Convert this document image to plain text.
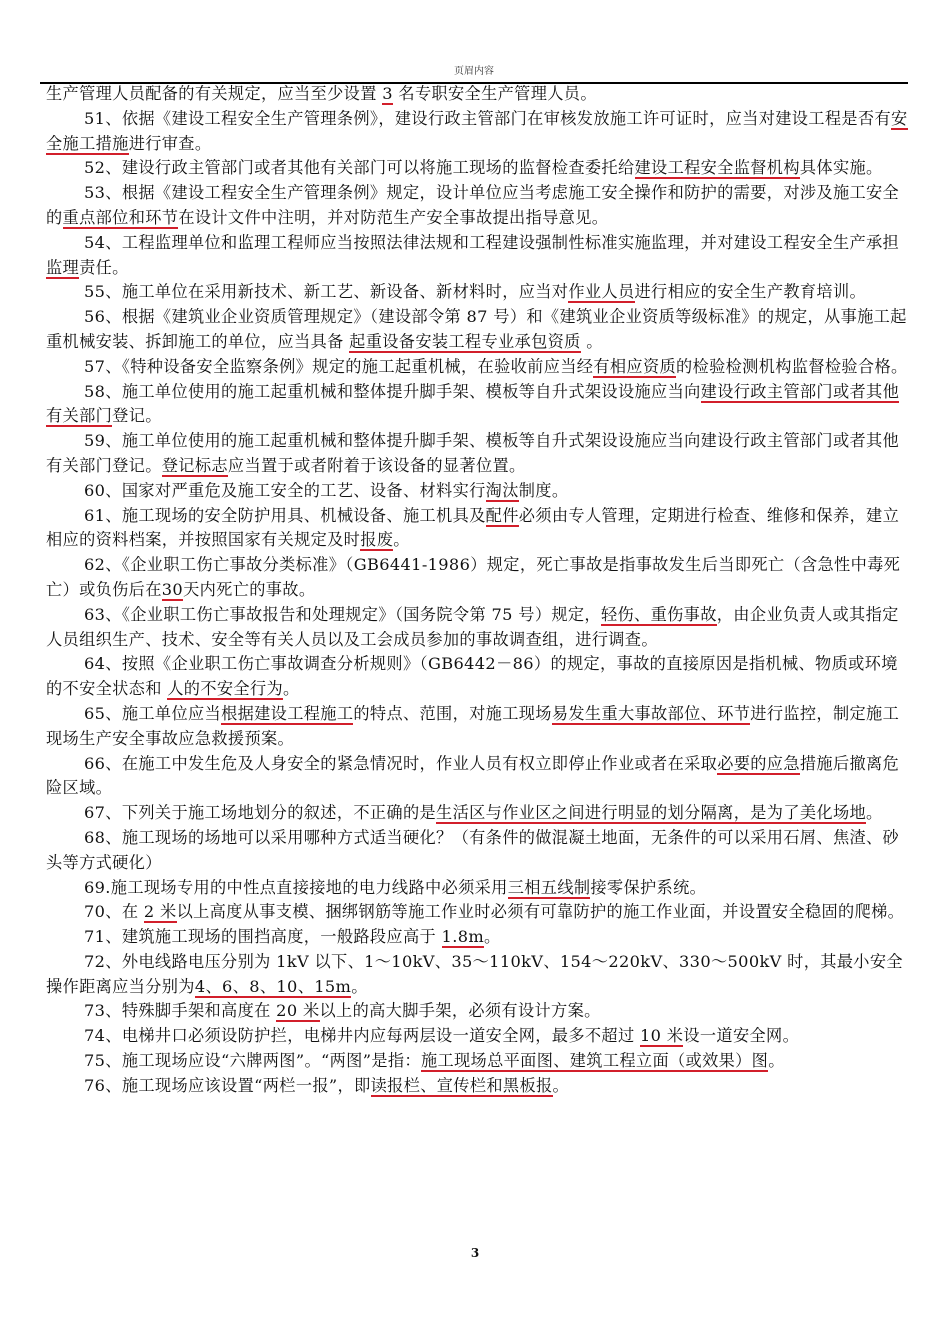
页眉内容

生产管理人员配备的有关规定，应当至少设置 3 名专职安全生产管理人员。

51、依据《建设工程安全生产管理条例》，建设行政主管部门在审核发放施工许可证时，应当对建设工程是否有安全施工措施进行审查。

52、建设行政主管部门或者其他有关部门可以将施工现场的监督检查委托给建设工程安全监督机构具体实施。

53、根据《建设工程安全生产管理条例》规定，设计单位应当考虑施工安全操作和防护的需要，对涉及施工安全的重点部位和环节在设计文件中注明，并对防范生产安全事故提出指导意见。

54、工程监理单位和监理工程师应当按照法律法规和工程建设强制性标准实施监理，并对建设工程安全生产承担监理责任。

55、施工单位在采用新技术、新工艺、新设备、新材料时，应当对作业人员进行相应的安全生产教育培训。

56、根据《建筑业企业资质管理规定》（建设部令第 87 号）和《建筑业企业资质等级标准》的规定，从事施工起重机械安装、拆卸施工的单位，应当具备 起重设备安装工程专业承包资质 。

57、《特种设备安全监察条例》规定的施工起重机械，在验收前应当经有相应资质的检验检测机构监督检验合格。

58、施工单位使用的施工起重机械和整体提升脚手架、模板等自升式架设设施应当向建设行政主管部门或者其他有关部门登记。

59、施工单位使用的施工起重机械和整体提升脚手架、模板等自升式架设设施应当向建设行政主管部门或者其他有关部门登记。登记标志应当置于或者附着于该设备的显著位置。

60、国家对严重危及施工安全的工艺、设备、材料实行淘汰制度。

61、施工现场的安全防护用具、机械设备、施工机具及配件必须由专人管理，定期进行检查、维修和保养，建立相应的资料档案，并按照国家有关规定及时报废。

62、《企业职工伤亡事故分类标准》（GB6441-1986）规定，死亡事故是指事故发生后当即死亡（含急性中毒死亡）或负伤后在30天内死亡的事故。

63、《企业职工伤亡事故报告和处理规定》（国务院令第 75 号）规定，轻伤、重伤事故，由企业负责人或其指定人员组织生产、技术、安全等有关人员以及工会成员参加的事故调查组，进行调查。

64、按照《企业职工伤亡事故调查分析规则》（GB6442－86）的规定，事故的直接原因是指机械、物质或环境的不安全状态和 人的不安全行为。

65、施工单位应当根据建设工程施工的特点、范围，对施工现场易发生重大事故部位、环节进行监控，制定施工现场生产安全事故应急救援预案。

66、在施工中发生危及人身安全的紧急情况时，作业人员有权立即停止作业或者在采取必要的应急措施后撤离危险区域。

67、下列关于施工场地划分的叙述，不正确的是生活区与作业区之间进行明显的划分隔离，是为了美化场地。

68、施工现场的场地可以采用哪种方式适当硬化？（有条件的做混凝土地面，无条件的可以采用石屑、焦渣、砂头等方式硬化）

69.施工现场专用的中性点直接接地的电力线路中必须采用三相五线制接零保护系统。

70、在 2 米以上高度从事支模、捆绑钢筋等施工作业时必须有可靠防护的施工作业面，并设置安全稳固的爬梯。

71、建筑施工现场的围挡高度，一般路段应高于 1.8m。

72、外电线路电压分别为 1kV 以下、1～10kV、35～110kV、154～220kV、330～500kV 时，其最小安全操作距离应当分别为4、6、8、10、15m。

73、特殊脚手架和高度在 20 米以上的高大脚手架，必须有设计方案。

74、电梯井口必须设防护拦，电梯井内应每两层设一道安全网，最多不超过 10 米设一道安全网。

75、施工现场应设“六牌两图”。“两图”是指：施工现场总平面图、建筑工程立面（或效果）图。

76、施工现场应该设置“两栏一报”，即读报栏、宣传栏和黑板报。

3
